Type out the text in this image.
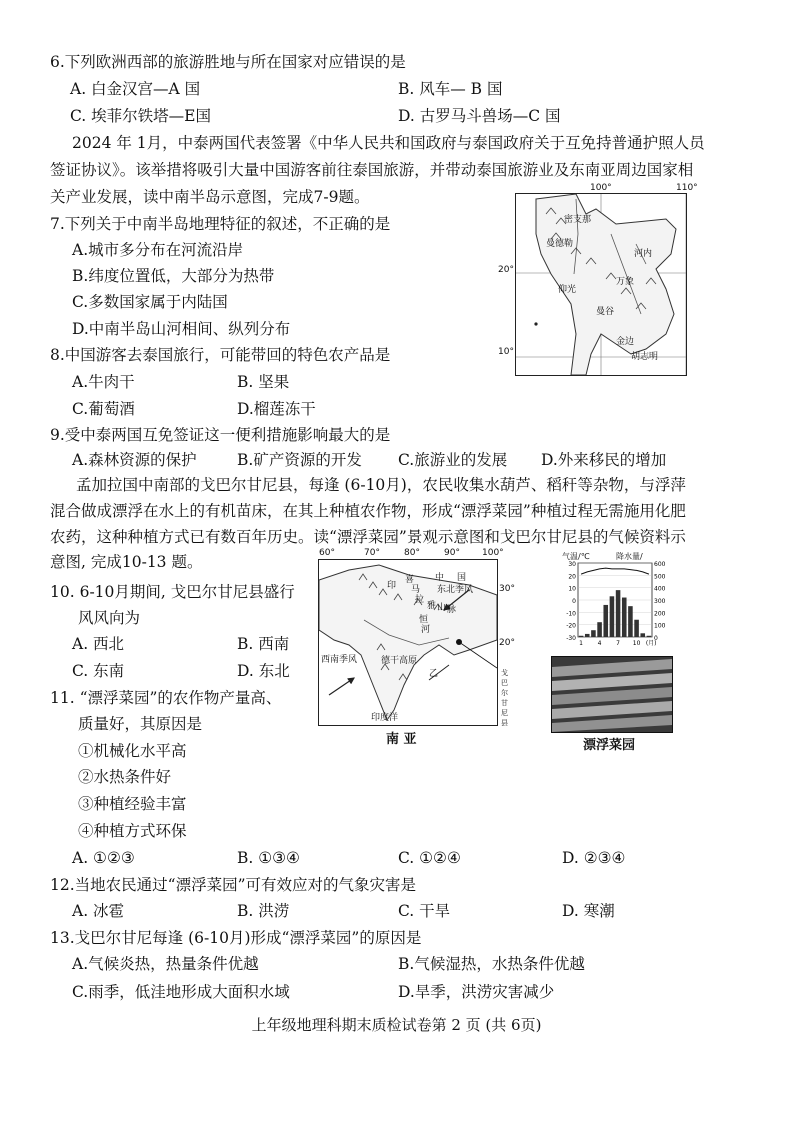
6.下列欧洲西部的旅游胜地与所在国家对应错误的是
A. 白金汉宫—A 国	B. 风车— B 国
C. 埃菲尔铁塔—E国	D. 古罗马斗兽场—C 国
2024 年 1月，中泰两国代表签署《中华人民共和国政府与泰国政府关于互免持普通护照人员
签证协议》。该举措将吸引大量中国游客前往泰国旅游，并带动泰国旅游业及东南亚周边国家相
关产业发展，读中南半岛示意图，完成7-9题。
7.下列关于中南半岛地理特征的叙述，不正确的是
A.城市多分布在河流沿岸
B.纬度位置低，大部分为热带
C.多数国家属于内陆国
D.中南半岛山河相间、纵列分布
8.中国游客去泰国旅行，可能带回的特色农产品是
A.牛肉干	B. 坚果
C.葡萄酒	D.榴莲冻干
9.受中泰两国互免签证这一便利措施影响最大的是
A.森林资源的保护	B.矿产资源的开发 C.旅游业的发展 D.外来移民的增加
孟加拉国中南部的戈巴尔甘尼县，每逢 (6-10月)，农民收集水葫芦、稻秆等杂物，与浮萍
混合做成漂浮在水上的有机苗床，在其上种植农作物，形成“漂浮菜园”种植过程无需施用化肥
农药，这种种植方式已有数百年历史。读“漂浮菜园”景观示意图和戈巴尔甘尼县的气候资料示
意图, 完成10-13 题。
10. 6-10月期间, 戈巴尔甘尼县盛行
风风向为
A. 西北	B. 西南
C. 东南	D. 东北
11. “漂浮菜园”的农作物产量高、
质量好，其原因是
①机械化水平高
②水热条件好
③种植经验丰富
④种植方式环保
A. ①②③	B. ①③④	C. ①②④	D. ②③④
12.当地农民通过“漂浮菜园”可有效应对的气象灾害是
A. 冰雹	B. 洪涝	C. 干旱	D. 寒潮
13.戈巴尔甘尼每逢 (6-10月)形成“漂浮菜园”的原因是
A.气候炎热，热量条件优越	B.气候湿热，水热条件优越
C.雨季，低洼地形成大面积水域	D.旱季，洪涝灾害减少
100°	110°
20°
10°
密支那
曼德勒
河内
仰光
万象
曼谷
金边
胡志明
60°	70°	80°	90° 100°
30°
20°
中 国
东北季风
喜
马
拉
雅 山 脉
印
恒
河
西南季风	德干高原
乙
印度洋
戈巴尔甘尼县
南 亚
气温/℃	降水量/
30
20
10
0
-10
-20
-30
600
500
400
300
200
100
0
1 4 7 10 (月)
漂浮菜园
上年级地理科期末质检试卷第 2 页 (共 6页)
